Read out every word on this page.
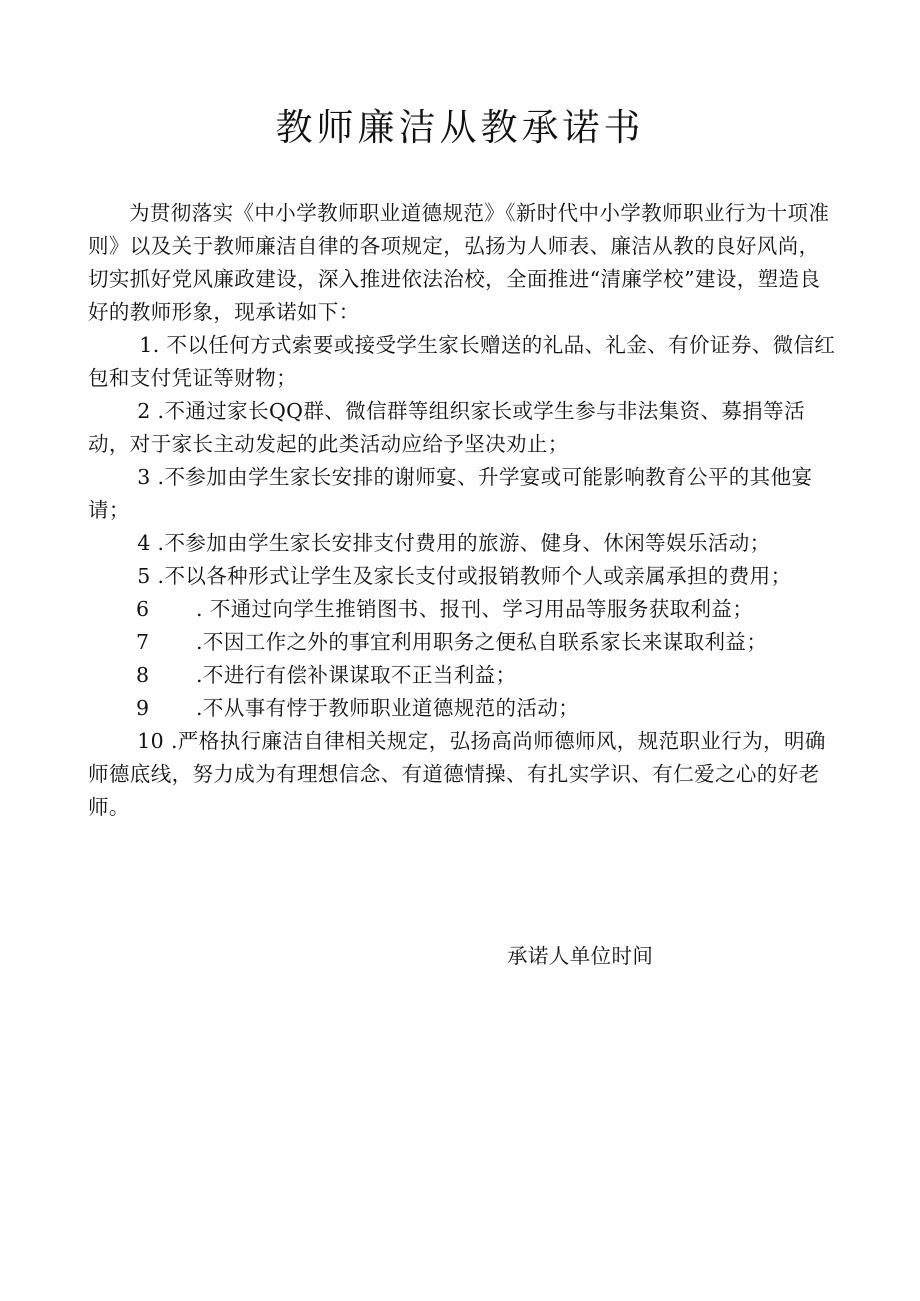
教师廉洁从教承诺书

为贯彻落实《中小学教师职业道德规范》《新时代中小学教师职业行为十项准则》以及关于教师廉洁自律的各项规定，弘扬为人师表、廉洁从教的良好风尚，切实抓好党风廉政建设，深入推进依法治校，全面推进“清廉学校”建设，塑造良好的教师形象，现承诺如下：

1. 不以任何方式索要或接受学生家长赠送的礼品、礼金、有价证券、微信红包和支付凭证等财物；

2 .不通过家长QQ群、微信群等组织家长或学生参与非法集资、募捐等活动，对于家长主动发起的此类活动应给予坚决劝止；

3 .不参加由学生家长安排的谢师宴、升学宴或可能影响教育公平的其他宴请；

4 .不参加由学生家长安排支付费用的旅游、健身、休闲等娱乐活动；

5 .不以各种形式让学生及家长支付或报销教师个人或亲属承担的费用；

6 . 不通过向学生推销图书、报刊、学习用品等服务获取利益；

7 .不因工作之外的事宜利用职务之便私自联系家长来谋取利益；

8 .不进行有偿补课谋取不正当利益；

9 .不从事有悖于教师职业道德规范的活动；

10 .严格执行廉洁自律相关规定，弘扬高尚师德师风，规范职业行为，明确师德底线，努力成为有理想信念、有道德情操、有扎实学识、有仁爱之心的好老师。

承诺人单位时间
